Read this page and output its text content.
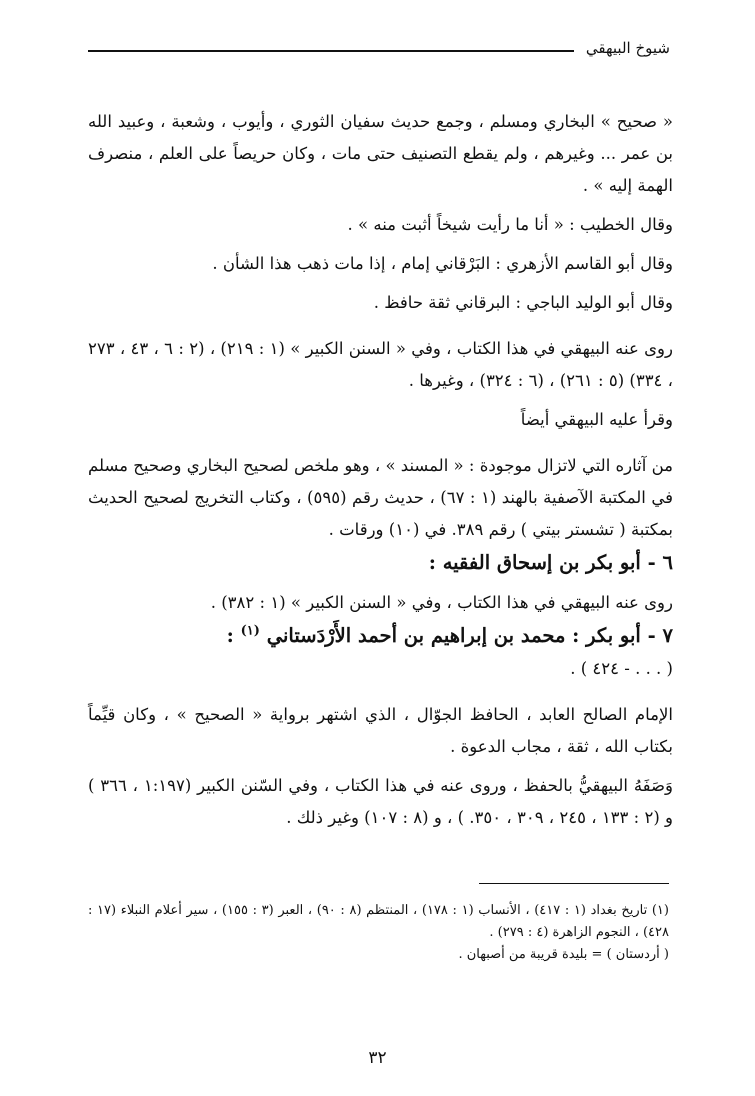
شيوخ البيهقي

« صحيح » البخاري ومسلم ، وجمع حديث سفيان الثوري ، وأيوب ، وشعبة ، وعبيد الله بن عمر ... وغيرهم ، ولم يقطع التصنيف حتى مات ، وكان حريصاً على العلم ، منصرف الهمة إليه » .

وقال الخطيب : « أنا ما رأيت شيخاً أثبت منه » .

وقال أبو القاسم الأزهري : البَرْقاني إمام ، إذا مات ذهب هذا الشأن .

وقال أبو الوليد الباجي : البرقاني ثقة حافظ .

روى عنه البيهقي في هذا الكتاب ، وفي « السنن الكبير » (١ : ٢١٩) ، (٢ : ٦ ، ٤٣ ، ٢٧٣ ، ٣٣٤) (٥ : ٢٦١) ، (٦ : ٣٢٤) ، وغيرها .

وقرأ عليه البيهقي أيضاً

من آثاره التي لاتزال موجودة : « المسند » ، وهو ملخص لصحيح البخاري وصحيح مسلم في المكتبة الآصفية بالهند (١ : ٦٧) ، حديث رقم (٥٩٥) ، وكتاب التخريج لصحيح الحديث بمكتبة ( تشستر بيتي ) رقم ٣٨٩. في (١٠) ورقات .

٦ - أبو بكر بن إسحاق الفقيه :

روى عنه البيهقي في هذا الكتاب ، وفي « السنن الكبير » (١ : ٣٨٢) .

٧ - أبو بكر : محمد بن إبراهيم بن أحمد الأَرْدَستاني $^{(١)}$ :

( . . . - ٤٢٤ ) .

الإمام الصالح العابد ، الحافظ الجوّال ، الذي اشتهر برواية « الصحيح » ، وكان قيِّماً بكتاب الله ، ثقة ، مجاب الدعوة .

وَصَفَهُ البيهقيُّ بالحفظ ، وروى عنه في هذا الكتاب ، وفي السّنن الكبير (١:١٩٧ ، ٣٦٦ ) و (٢ : ١٣٣ ، ٢٤٥ ، ٣٠٩ ، ٣٥٠. ) ، و (٨ : ١٠٧) وغير ذلك .

(١) تاريخ بغداد (١ : ٤١٧) ، الأنساب (١ : ١٧٨) ، المنتظم (٨ : ٩٠) ، العبر (٣ : ١٥٥) ، سير أعلام النبلاء (١٧ : ٤٢٨) ، النجوم الزاهرة (٤ : ٢٧٩) .

( أردستان ) = بليدة قريبة من أصبهان .

٣٢
